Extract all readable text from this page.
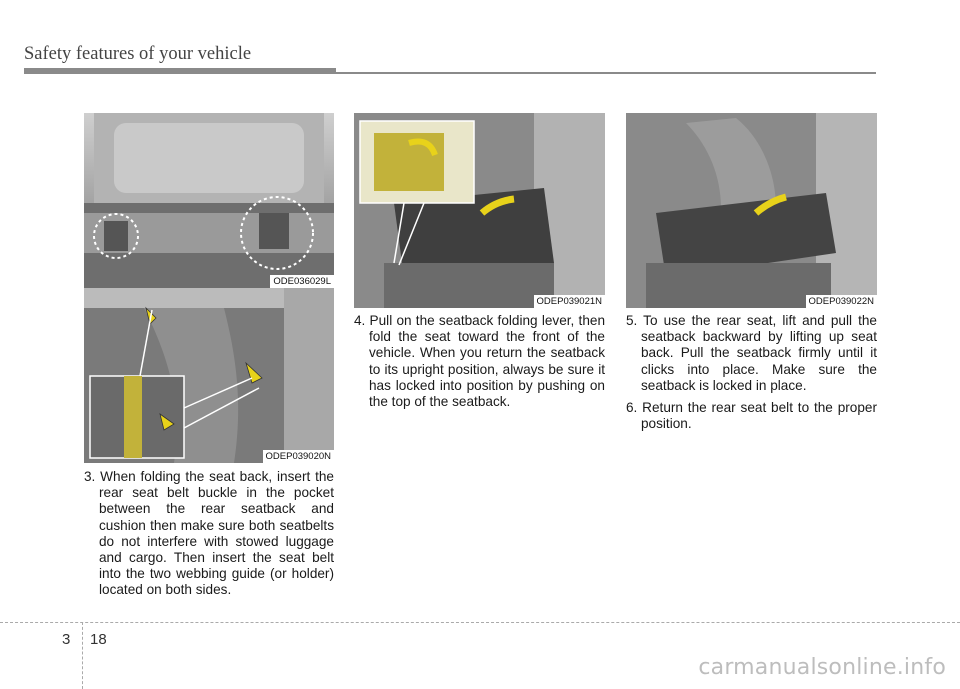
Safety features of your vehicle
ODE036029L
ODEP039020N
ODEP039021N	ODEP039022N

3. When folding the seat back, insert the rear seat belt buckle in the pocket between the rear seatback and cushion then make sure both seatbelts do not interfere with stowed luggage and cargo. Then insert the seat belt into the two webbing guide (or holder) located on both sides.

4. Pull on the seatback folding lever, then fold the seat toward the front of the vehicle. When you return the seatback to its upright position, always be sure it has locked into position by pushing on the top of the seatback.

5. To use the rear seat, lift and pull the seatback backward by lifting up seat back. Pull the seatback firmly until it clicks into place. Make sure the seatback is locked in place.

6. Return the rear seat belt to the proper position.

3 18
carmanualsonline.info
